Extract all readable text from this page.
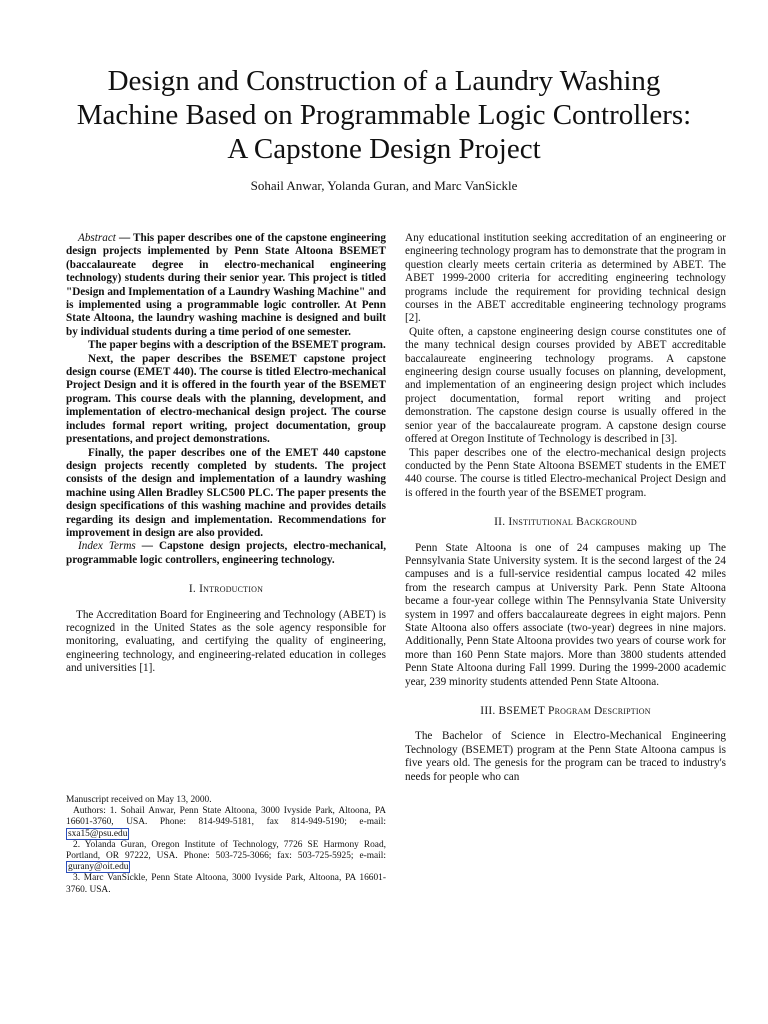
Design and Construction of a Laundry Washing
Machine Based on Programmable Logic Controllers:
A Capstone Design Project
Sohail Anwar, Yolanda Guran, and Marc VanSickle

Abstract — This paper describes one of the capstone engineering design projects implemented by Penn State Altoona BSEMET (baccalaureate degree in electro-mechanical engineering technology) students during their senior year. This project is titled "Design and Implementation of a Laundry Washing Machine" and is implemented using a programmable logic controller. At Penn State Altoona, the laundry washing machine is designed and built by individual students during a time period of one semester.

The paper begins with a description of the BSEMET program.

Next, the paper describes the BSEMET capstone project design course (EMET 440). The course is titled Electro-mechanical Project Design and it is offered in the fourth year of the BSEMET program. This course deals with the planning, development, and implementation of electro-mechanical design project. The course includes formal report writing, project documentation, group presentations, and project demonstrations.

Finally, the paper describes one of the EMET 440 capstone design projects recently completed by students. The project consists of the design and implementation of a laundry washing machine using Allen Bradley SLC500 PLC. The paper presents the design specifications of this washing machine and provides details regarding its design and implementation. Recommendations for improvement in design are also provided.

Index Terms — Capstone design projects, electro-mechanical, programmable logic controllers, engineering technology.

I. Introduction

The Accreditation Board for Engineering and Technology (ABET) is recognized in the United States as the sole agency responsible for monitoring, evaluating, and certifying the quality of engineering, engineering technology, and engineering-related education in colleges and universities [1].

Manuscript received on May 13, 2000.

Authors: 1. Sohail Anwar, Penn State Altoona, 3000 Ivyside Park, Altoona, PA 16601-3760, USA. Phone: 814-949-5181, fax 814-949-5190; e-mail: sxa15@psu.edu

2. Yolanda Guran, Oregon Institute of Technology, 7726 SE Harmony Road, Portland, OR 97222, USA. Phone: 503-725-3066; fax: 503-725-5925; e-mail: gurany@oit.edu

3. Marc VanSickle, Penn State Altoona, 3000 Ivyside Park, Altoona, PA 16601-3760. USA.

Any educational institution seeking accreditation of an engineering or engineering technology program has to demonstrate that the program in question clearly meets certain criteria as determined by ABET. The ABET 1999-2000 criteria for accrediting engineering technology programs include the requirement for providing technical design courses in the ABET accreditable engineering technology programs [2].

Quite often, a capstone engineering design course constitutes one of the many technical design courses provided by ABET accreditable baccalaureate engineering technology programs. A capstone engineering design course usually focuses on planning, development, and implementation of an engineering design project which includes project documentation, formal report writing and project demonstration. The capstone design course is usually offered in the senior year of the baccalaureate program. A capstone design course offered at Oregon Institute of Technology is described in [3].

This paper describes one of the electro-mechanical design projects conducted by the Penn State Altoona BSEMET students in the EMET 440 course. The course is titled Electro-mechanical Project Design and is offered in the fourth year of the BSEMET program.

II. Institutional Background

Penn State Altoona is one of 24 campuses making up The Pennsylvania State University system. It is the second largest of the 24 campuses and is a full-service residential campus located 42 miles from the research campus at University Park. Penn State Altoona became a four-year college within The Pennsylvania State University system in 1997 and offers baccalaureate degrees in eight majors. Penn State Altoona also offers associate (two-year) degrees in nine majors. Additionally, Penn State Altoona provides two years of course work for more than 160 Penn State majors. More than 3800 students attended Penn State Altoona during Fall 1999. During the 1999-2000 academic year, 239 minority students attended Penn State Altoona.

III. BSEMET Program Description

The Bachelor of Science in Electro-Mechanical Engineering Technology (BSEMET) program at the Penn State Altoona campus is five years old. The genesis for the program can be traced to industry's needs for people who can
